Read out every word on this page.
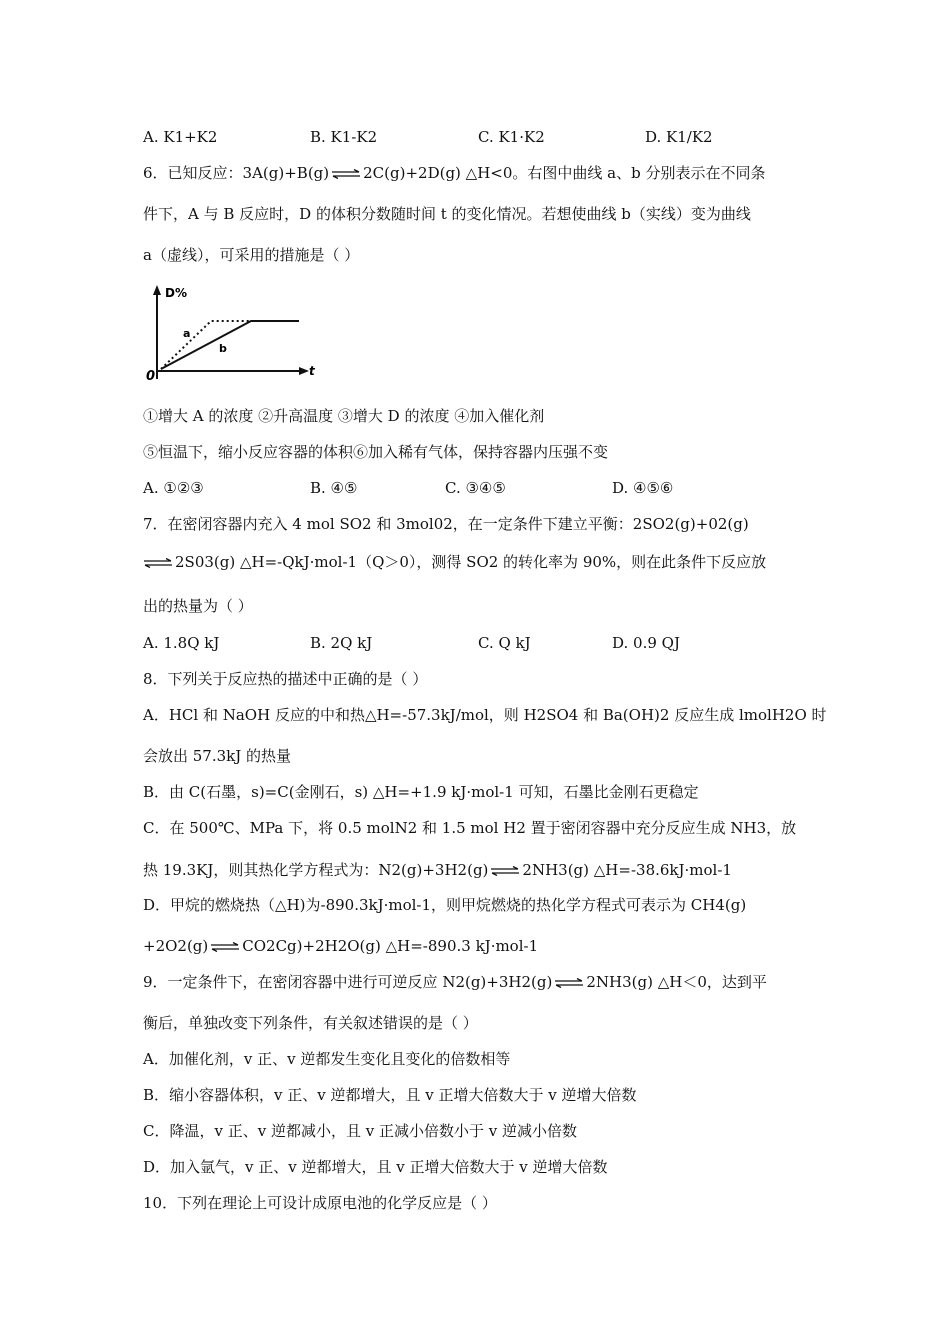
A. K1+K2	B. K1-K2	C. K1·K2	D. K1/K2
6．已知反应：3A(g)+B(g) ⇌ 2C(g)+2D(g) △H<0。右图中曲线 a、b 分别表示在不同条
件下，A 与 B 反应时，D 的体积分数随时间 t 的变化情况。若想使曲线 b（实线）变为曲线
a（虚线），可采用的措施是（ ）
D%
t
0
a
b
①增大 A 的浓度 ②升高温度 ③增大 D 的浓度 ④加入催化剂
⑤恒温下，缩小反应容器的体积⑥加入稀有气体，保持容器内压强不变
A. ①②③	B. ④⑤	C. ③④⑤	D. ④⑤⑥
7．在密闭容器内充入 4 mol SO2 和 3mol02，在一定条件下建立平衡：2SO2(g)+02(g)
⇌ 2S03(g) △H=-QkJ·mol-1（Q＞0），测得 SO2 的转化率为 90%，则在此条件下反应放
出的热量为（ ）
A. 1.8Q kJ	B. 2Q kJ	C. Q kJ	D. 0.9 QJ
8．下列关于反应热的描述中正确的是（ ）
A．HCl 和 NaOH 反应的中和热△H=-57.3kJ/mol，则 H2SO4 和 Ba(OH)2 反应生成 lmolH2O 时
会放出 57.3kJ 的热量
B．由 C(石墨，s)=C(金刚石，s) △H=+1.9 kJ·mol-1 可知，石墨比金刚石更稳定
C．在 500℃、MPa 下，将 0.5 molN2 和 1.5 mol H2 置于密闭容器中充分反应生成 NH3，放
热 19.3KJ，则其热化学方程式为：N2(g)+3H2(g) ⇌ 2NH3(g) △H=-38.6kJ·mol-1
D．甲烷的燃烧热（△H)为-890.3kJ·mol-1，则甲烷燃烧的热化学方程式可表示为 CH4(g)
+2O2(g) ⇌ CO2Cg)+2H2O(g) △H=-890.3 kJ·mol-1
9．一定条件下，在密闭容器中进行可逆反应 N2(g)+3H2(g) ⇌ 2NH3(g) △H＜0，达到平
衡后，单独改变下列条件，有关叙述错误的是（ ）
A．加催化剂，v 正、v 逆都发生变化且变化的倍数相等
B．缩小容器体积，v 正、v 逆都增大，且 v 正增大倍数大于 v 逆增大倍数
C．降温，v 正、v 逆都减小，且 v 正减小倍数小于 v 逆减小倍数
D．加入氩气，v 正、v 逆都增大，且 v 正增大倍数大于 v 逆增大倍数
10．下列在理论上可设计成原电池的化学反应是（ ）
